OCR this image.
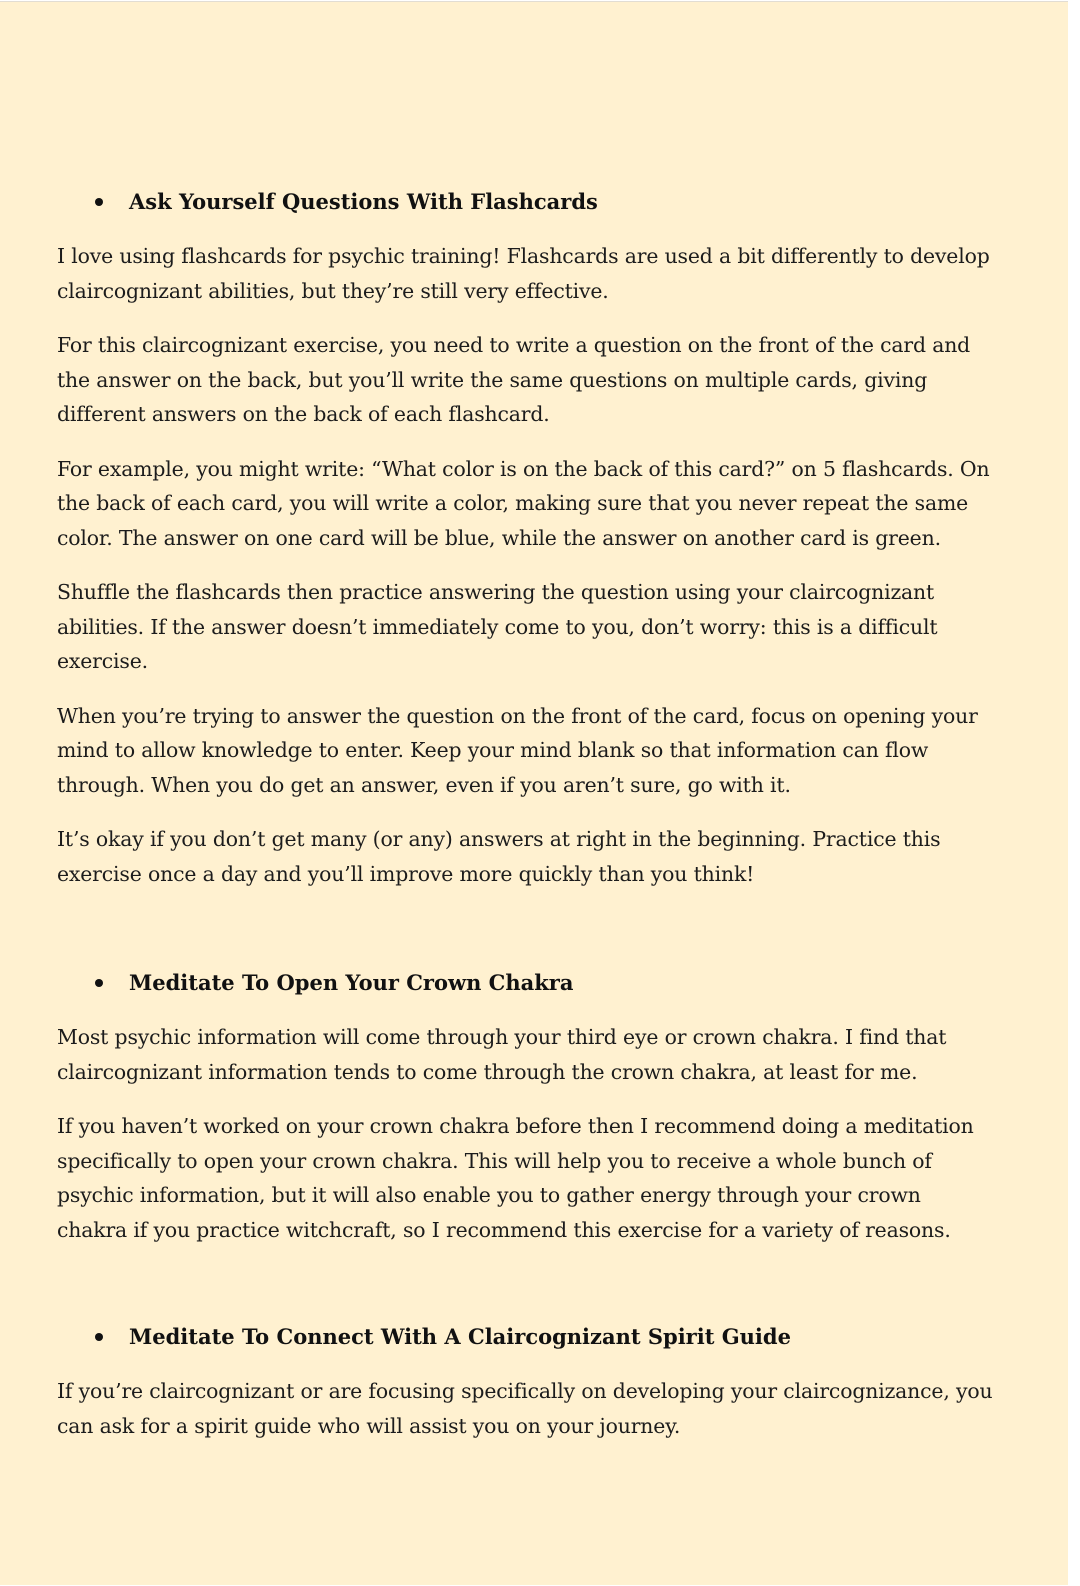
Ask Yourself Questions With Flashcards

I love using flashcards for psychic training! Flashcards are used a bit differently to develop claircognizant abilities, but they’re still very effective.

For this claircognizant exercise, you need to write a question on the front of the card and the answer on the back, but you’ll write the same questions on multiple cards, giving different answers on the back of each flashcard.

For example, you might write: “What color is on the back of this card?” on 5 flashcards. On the back of each card, you will write a color, making sure that you never repeat the same color. The answer on one card will be blue, while the answer on another card is green.

Shuffle the flashcards then practice answering the question using your claircognizant abilities. If the answer doesn’t immediately come to you, don’t worry: this is a difficult exercise.

When you’re trying to answer the question on the front of the card, focus on opening your mind to allow knowledge to enter. Keep your mind blank so that information can flow through. When you do get an answer, even if you aren’t sure, go with it.

It’s okay if you don’t get many (or any) answers at right in the beginning. Practice this exercise once a day and you’ll improve more quickly than you think!

Meditate To Open Your Crown Chakra

Most psychic information will come through your third eye or crown chakra. I find that claircognizant information tends to come through the crown chakra, at least for me.

If you haven’t worked on your crown chakra before then I recommend doing a meditation specifically to open your crown chakra. This will help you to receive a whole bunch of psychic information, but it will also enable you to gather energy through your crown chakra if you practice witchcraft, so I recommend this exercise for a variety of reasons.

Meditate To Connect With A Claircognizant Spirit Guide

If you’re claircognizant or are focusing specifically on developing your claircognizance, you can ask for a spirit guide who will assist you on your journey.
